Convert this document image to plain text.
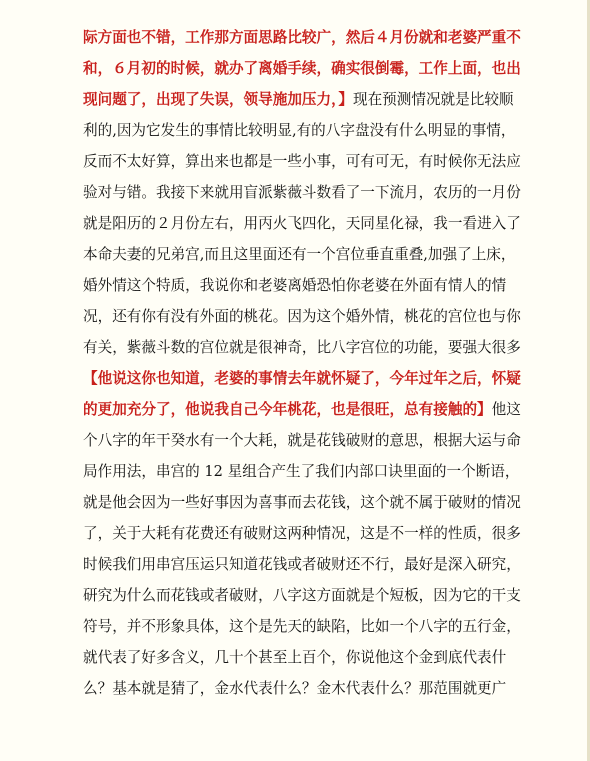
际方面也不错，工作那方面思路比较广，然后４月份就和老婆严重不
和，６月初的时候，就办了离婚手续，确实很倒霉，工作上面，也出
现问题了，出现了失误，领导施加压力，】现在预测情况就是比较顺
利的,因为它发生的事情比较明显,有的八字盘没有什么明显的事情，
反而不太好算，算出来也都是一些小事，可有可无，有时候你无法应
验对与错。我接下来就用盲派紫薇斗数看了一下流月，农历的一月份
就是阳历的２月份左右，用丙火飞四化，天同星化禄，我一看进入了
本命夫妻的兄弟宫,而且这里面还有一个宫位垂直重叠,加强了上床，
婚外情这个特质，我说你和老婆离婚恐怕你老婆在外面有情人的情
况，还有你有没有外面的桃花。因为这个婚外情，桃花的宫位也与你
有关，紫薇斗数的宫位就是很神奇，比八字宫位的功能，要强大很多
【他说这你也知道，老婆的事情去年就怀疑了，今年过年之后，怀疑
的更加充分了，他说我自己今年桃花，也是很旺，总有接触的】他这
个八字的年干癸水有一个大耗，就是花钱破财的意思，根据大运与命
局作用法，串宫的 12 星组合产生了我们内部口诀里面的一个断语，
就是他会因为一些好事因为喜事而去花钱，这个就不属于破财的情况
了，关于大耗有花费还有破财这两种情况，这是不一样的性质，很多
时候我们用串宫压运只知道花钱或者破财还不行，最好是深入研究，
研究为什么而花钱或者破财，八字这方面就是个短板，因为它的干支
符号，并不形象具体，这个是先天的缺陷，比如一个八字的五行金，
就代表了好多含义，几十个甚至上百个，你说他这个金到底代表什
么？基本就是猜了，金水代表什么？金木代表什么？那范围就更广
